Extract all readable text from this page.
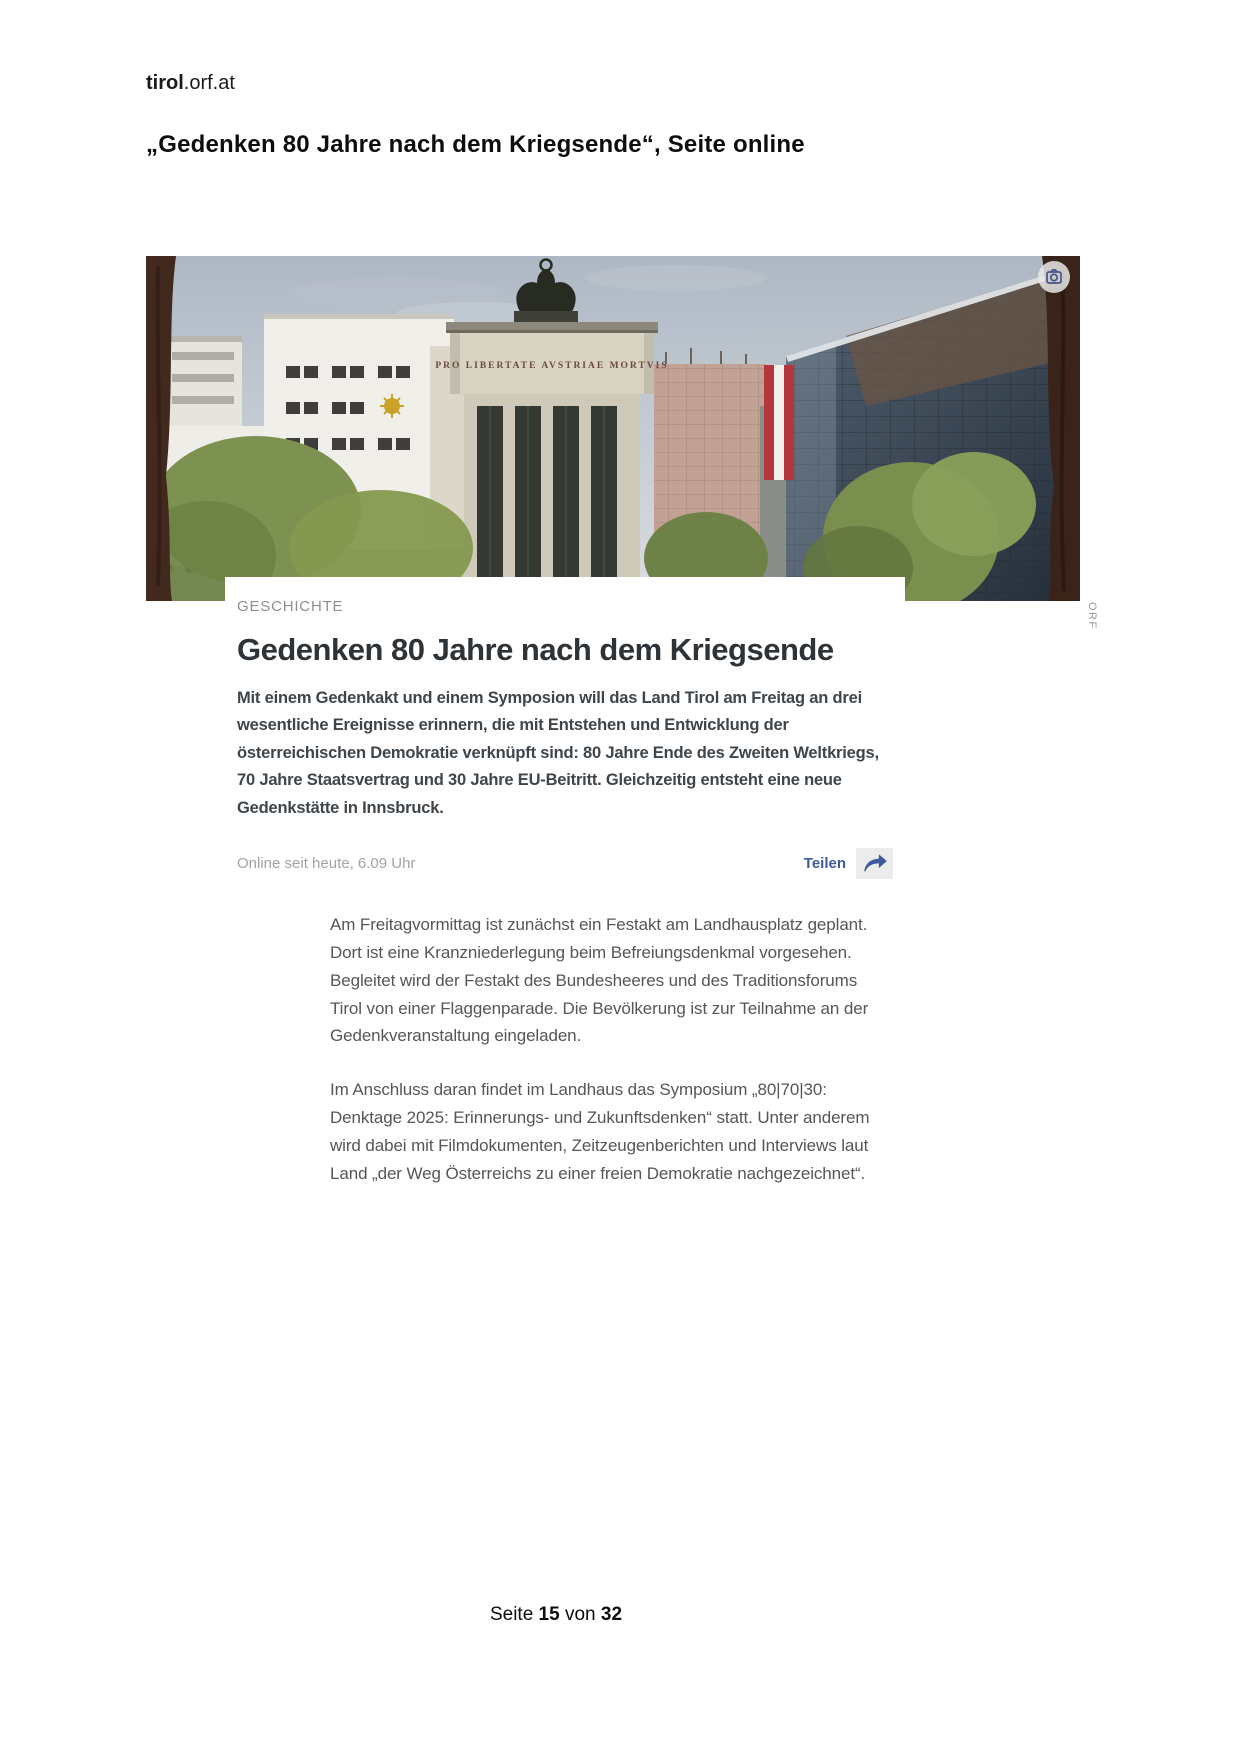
tirol.orf.at
„Gedenken 80 Jahre nach dem Kriegsende“, Seite online
PRO LIBERTATE AVSTRIAE MORTVIS
ORF
GESCHICHTE
Gedenken 80 Jahre nach dem Kriegsende

Mit einem Gedenkakt und einem Symposion will das Land Tirol am Freitag an drei wesentliche Ereignisse erinnern, die mit Entstehen und Entwicklung der österreichischen Demokratie verknüpft sind: 80 Jahre Ende des Zweiten Weltkriegs, 70 Jahre Staatsvertrag und 30 Jahre EU-Beitritt. Gleichzeitig entsteht eine neue Gedenkstätte in Innsbruck.

Online seit heute, 6.09 Uhr	Teilen

Am Freitagvormittag ist zunächst ein Festakt am Landhausplatz geplant. Dort ist eine Kranzniederlegung beim Befreiungsdenkmal vorgesehen. Begleitet wird der Festakt des Bundesheeres und des Traditionsforums Tirol von einer Flaggenparade. Die Bevölkerung ist zur Teilnahme an der Gedenkveranstaltung eingeladen.

Im Anschluss daran findet im Landhaus das Symposium „80|70|30: Denktage 2025: Erinnerungs- und Zukunftsdenken“ statt. Unter anderem wird dabei mit Filmdokumenten, Zeitzeugenberichten und Interviews laut Land „der Weg Österreichs zu einer freien Demokratie nachgezeichnet“.

Seite 15 von 32
